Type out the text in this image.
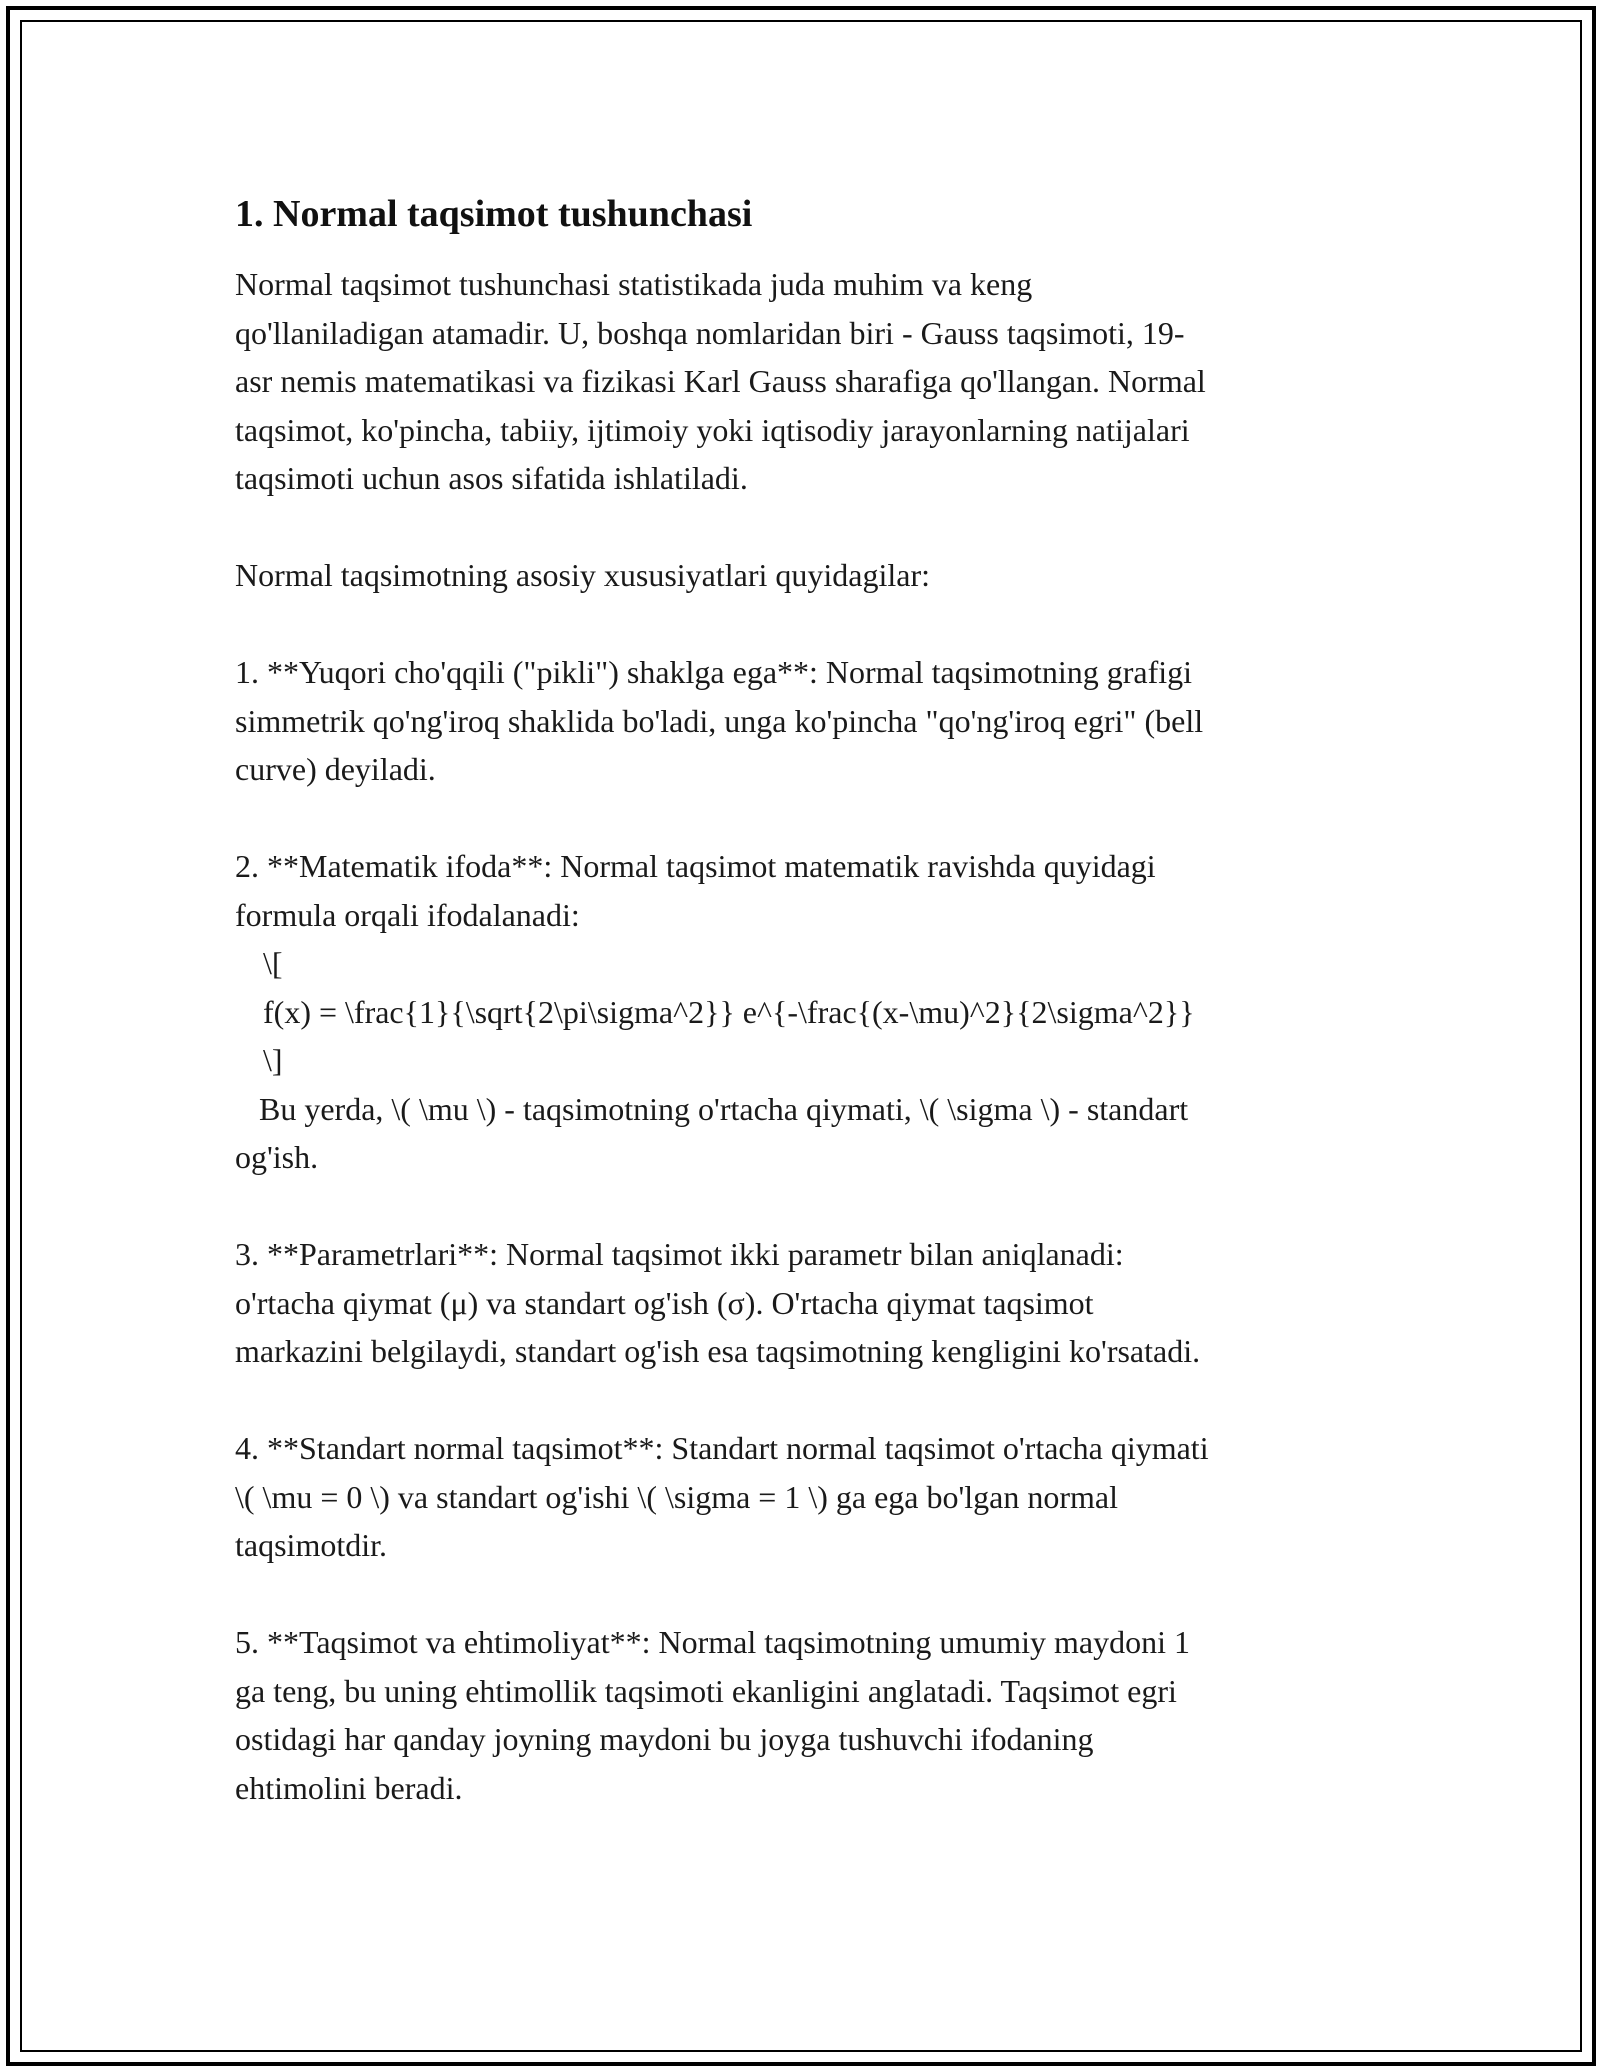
1. Normal taqsimot tushunchasi
Normal taqsimot tushunchasi statistikada juda muhim va keng
qo'llaniladigan atamadir. U, boshqa nomlaridan biri - Gauss taqsimoti, 19-
asr nemis matematikasi va fizikasi Karl Gauss sharafiga qo'llangan. Normal
taqsimot, ko'pincha, tabiiy, ijtimoiy yoki iqtisodiy jarayonlarning natijalari
taqsimoti uchun asos sifatida ishlatiladi.
Normal taqsimotning asosiy xususiyatlari quyidagilar:
1. **Yuqori cho'qqili ("pikli") shaklga ega**: Normal taqsimotning grafigi
simmetrik qo'ng'iroq shaklida bo'ladi, unga ko'pincha "qo'ng'iroq egri" (bell
curve) deyiladi.
2. **Matematik ifoda**: Normal taqsimot matematik ravishda quyidagi
formula orqali ifodalanadi:
\[
f(x) = \frac{1}{\sqrt{2\pi\sigma^2}} e^{-\frac{(x-\mu)^2}{2\sigma^2}}
\]
Bu yerda, \( \mu \) - taqsimotning o'rtacha qiymati, \( \sigma \) - standart
og'ish.
3. **Parametrlari**: Normal taqsimot ikki parametr bilan aniqlanadi:
o'rtacha qiymat (μ) va standart og'ish (σ). O'rtacha qiymat taqsimot
markazini belgilaydi, standart og'ish esa taqsimotning kengligini ko'rsatadi.
4. **Standart normal taqsimot**: Standart normal taqsimot o'rtacha qiymati
\( \mu = 0 \) va standart og'ishi \( \sigma = 1 \) ga ega bo'lgan normal
taqsimotdir.
5. **Taqsimot va ehtimoliyat**: Normal taqsimotning umumiy maydoni 1
ga teng, bu uning ehtimollik taqsimoti ekanligini anglatadi. Taqsimot egri
ostidagi har qanday joyning maydoni bu joyga tushuvchi ifodaning
ehtimolini beradi.
